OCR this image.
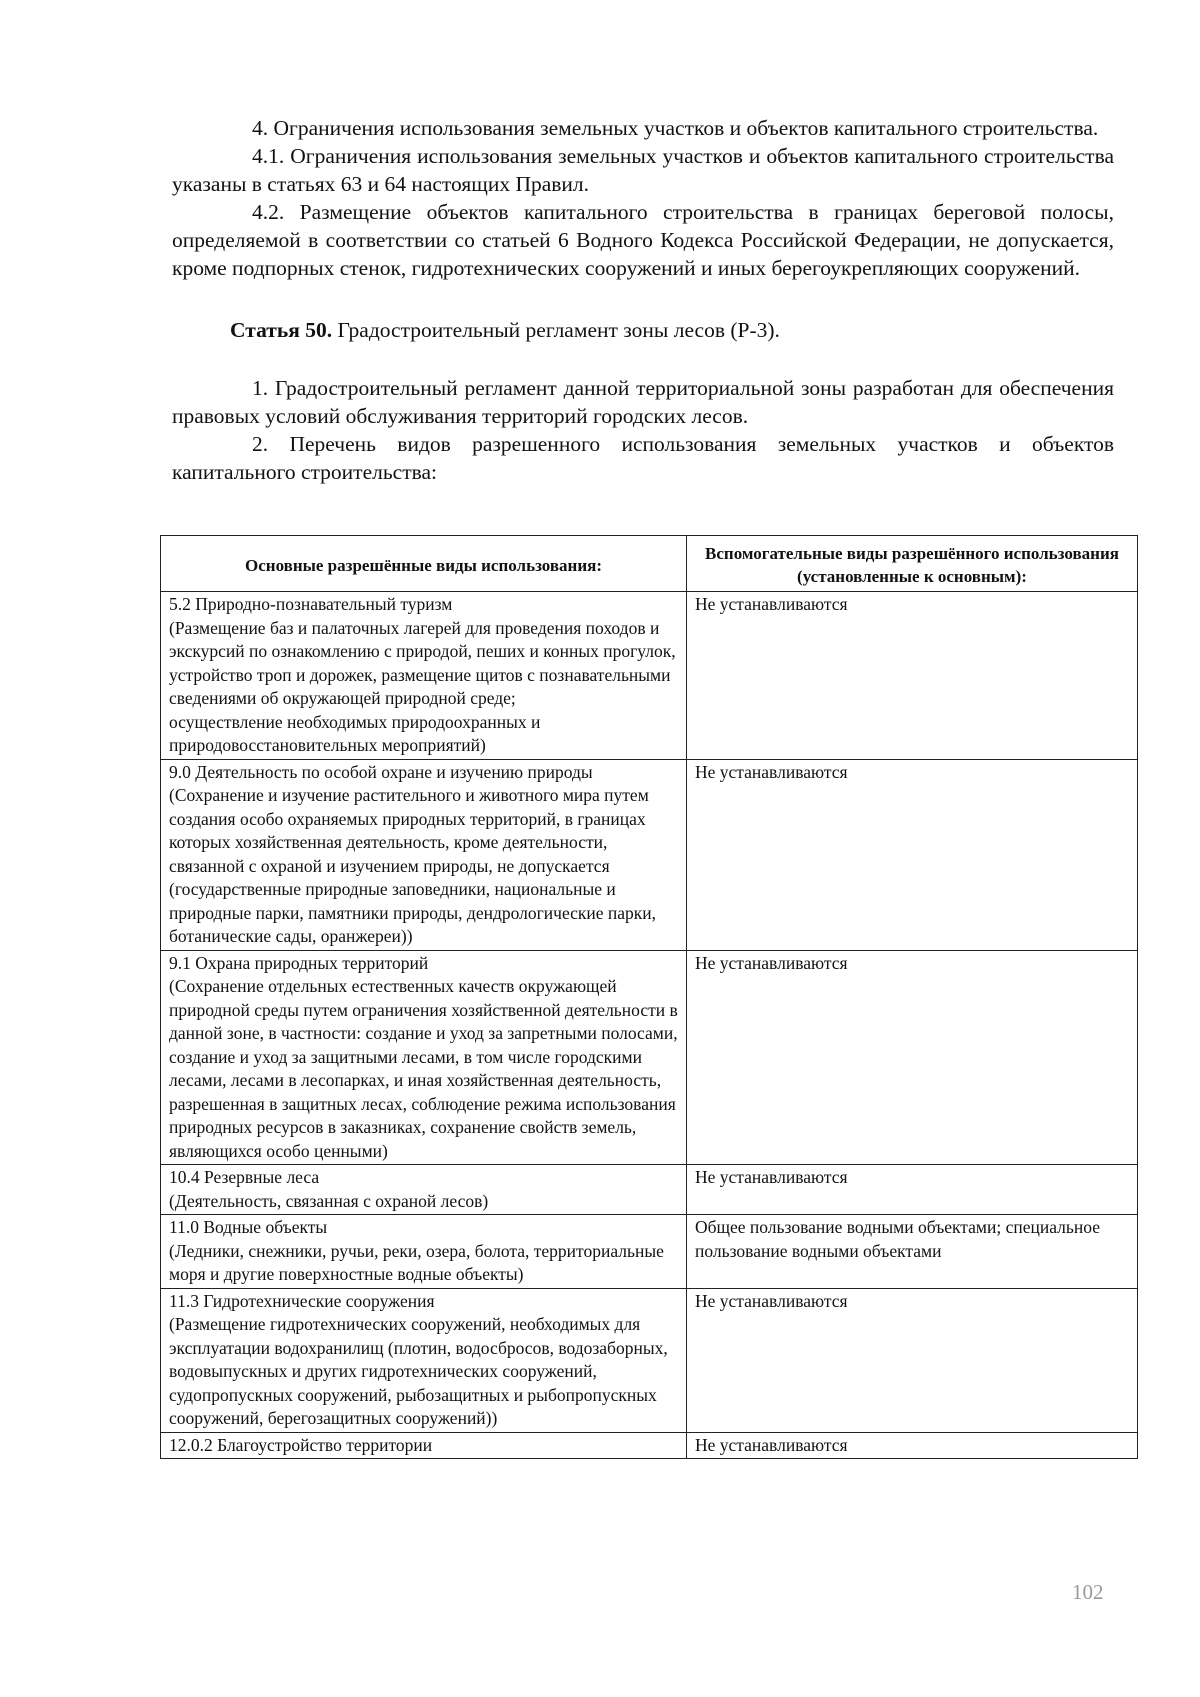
4. Ограничения использования земельных участков и объектов капитального строительства.

4.1. Ограничения использования земельных участков и объектов капитального строительства указаны в статьях 63 и 64 настоящих Правил.

4.2. Размещение объектов капитального строительства в границах береговой полосы, определяемой в соответствии со статьей 6 Водного Кодекса Российской Федерации, не допускается, кроме подпорных стенок, гидротехнических сооружений и иных берегоукрепляющих сооружений.

Статья 50. Градостроительный регламент зоны лесов (Р-3).

1. Градостроительный регламент данной территориальной зоны разработан для обеспечения правовых условий обслуживания территорий городских лесов.

2. Перечень видов разрешенного использования земельных участков и объектов капитального строительства:

Основные разрешённые виды использования:	Вспомогательные виды разрешённого использования (установленные к основным):

5.2 Природно-познавательный туризм
(Размещение баз и палаточных лагерей для проведения походов и экскурсий по ознакомлению с природой, пеших и конных прогулок, устройство троп и дорожек, размещение щитов с познавательными сведениями об окружающей природной среде;
осуществление необходимых природоохранных и природовосстановительных мероприятий)	Не устанавливаются

9.0 Деятельность по особой охране и изучению природы
(Сохранение и изучение растительного и животного мира путем создания особо охраняемых природных территорий, в границах которых хозяйственная деятельность, кроме деятельности, связанной с охраной и изучением природы, не допускается (государственные природные заповедники, национальные и природные парки, памятники природы, дендрологические парки, ботанические сады, оранжереи))	Не устанавливаются

9.1 Охрана природных территорий
(Сохранение отдельных естественных качеств окружающей природной среды путем ограничения хозяйственной деятельности в данной зоне, в частности: создание и уход за запретными полосами, создание и уход за защитными лесами, в том числе городскими лесами, лесами в лесопарках, и иная хозяйственная деятельность, разрешенная в защитных лесах, соблюдение режима использования природных ресурсов в заказниках, сохранение свойств земель, являющихся особо ценными)	Не устанавливаются

10.4 Резервные леса
(Деятельность, связанная с охраной лесов)	Не устанавливаются

11.0 Водные объекты
(Ледники, снежники, ручьи, реки, озера, болота, территориальные моря и другие поверхностные водные объекты)	Общее пользование водными объектами; специальное пользование водными объектами

11.3 Гидротехнические сооружения
(Размещение гидротехнических сооружений, необходимых для эксплуатации водохранилищ (плотин, водосбросов, водозаборных, водовыпускных и других гидротехнических сооружений, судопропускных сооружений, рыбозащитных и рыбопропускных сооружений, берегозащитных сооружений))	Не устанавливаются

12.0.2 Благоустройство территории	Не устанавливаются
102
